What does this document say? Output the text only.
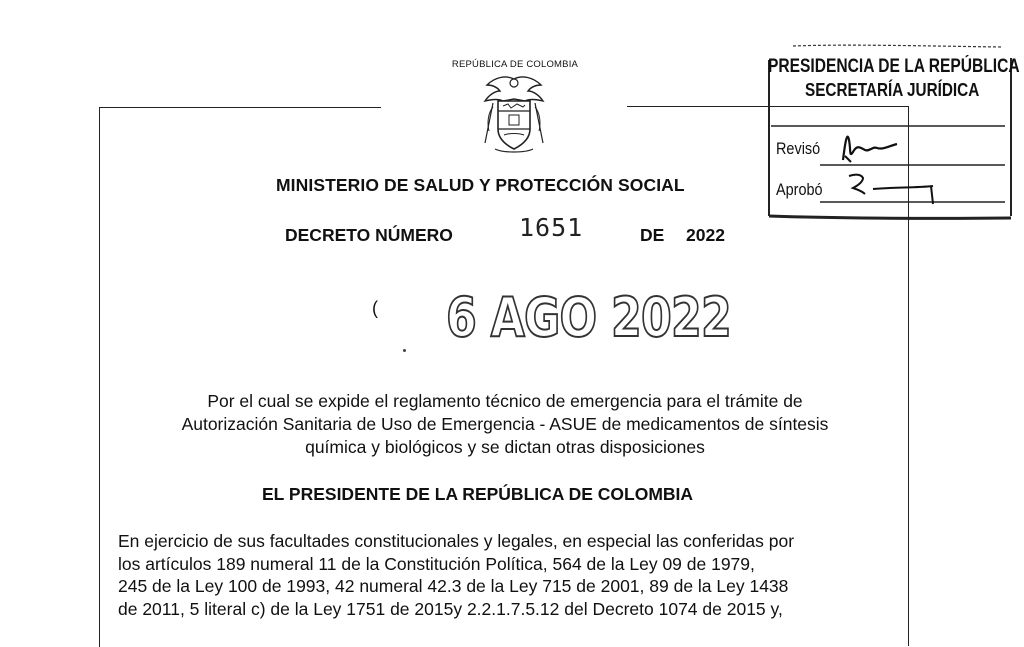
REPÚBLICA DE COLOMBIA
MINISTERIO DE SALUD Y PROTECCIÓN SOCIAL
DECRETO NÚMERO	1651	DE 2022
( 6 AGO 2022
Por el cual se expide el reglamento técnico de emergencia para el trámite de
Autorización Sanitaria de Uso de Emergencia - ASUE de medicamentos de síntesis
química y biológicos y se dictan otras disposiciones
EL PRESIDENTE DE LA REPÚBLICA DE COLOMBIA
En ejercicio de sus facultades constitucionales y legales, en especial las conferidas por
los artículos 189 numeral 11 de la Constitución Política, 564 de la Ley 09 de 1979,
245 de la Ley 100 de 1993, 42 numeral 42.3 de la Ley 715 de 2001, 89 de la Ley 1438
de 2011, 5 literal c) de la Ley 1751 de 2015y 2.2.1.7.5.12 del Decreto 1074 de 2015 y,
PRESIDENCIA DE LA REPÚBLICA
SECRETARÍA JURÍDICA
Revisó
Aprobó
